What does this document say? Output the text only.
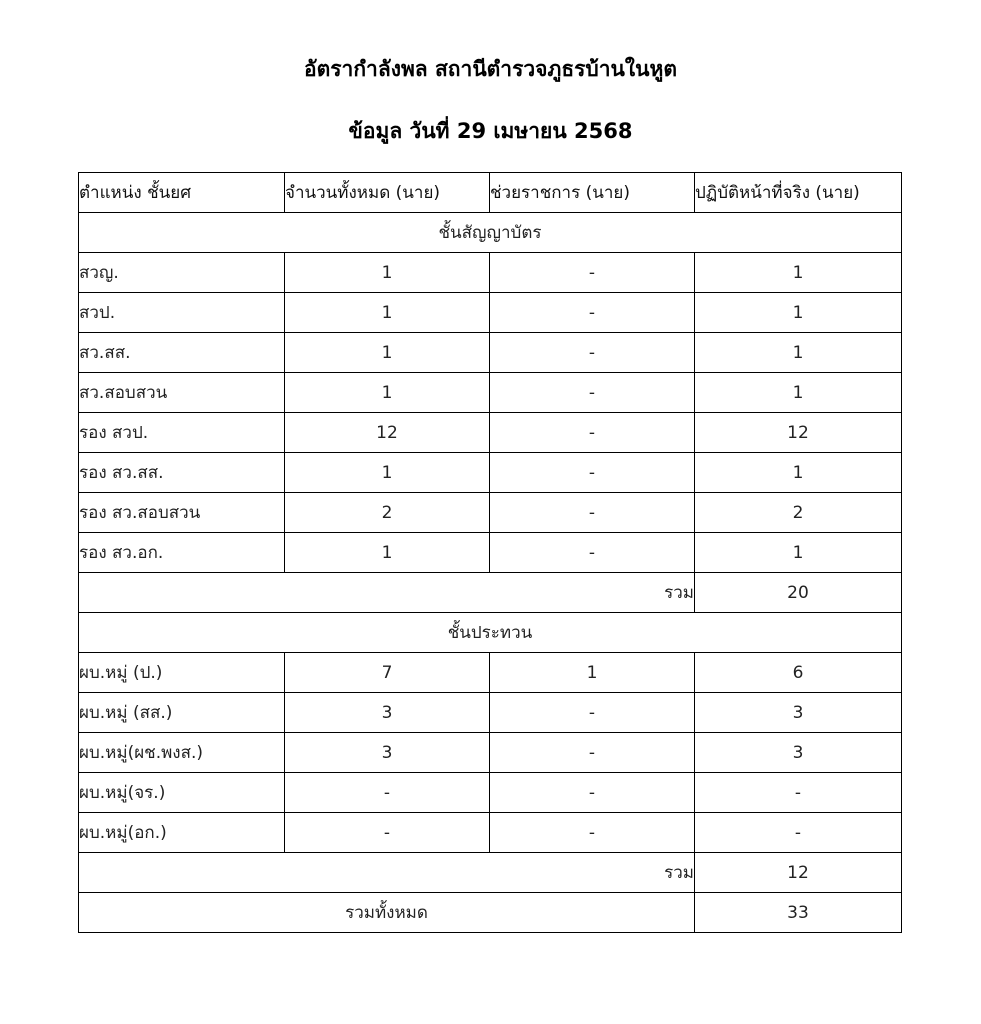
อัตรากำลังพล สถานีตำรวจภูธรบ้านในหูต
ข้อมูล วันที่ 29 เมษายน 2568
ตำแหน่ง ชั้นยศ	จำนวนทั้งหมด (นาย)	ช่วยราชการ (นาย)	ปฏิบัติหน้าที่จริง (นาย)
ชั้นสัญญาบัตร			
สวญ.	1	-	1
สวป.	1	-	1
สว.สส.	1	-	1
สว.สอบสวน	1	-	1
รอง สวป.	12	-	12
รอง สว.สส.	1	-	1
รอง สว.สอบสวน	2	-	2
รอง สว.อก.	1	-	1
รวม			20
ชั้นประทวน			
ผบ.หมู่ (ป.)	7	1	6
ผบ.หมู่ (สส.)	3	-	3
ผบ.หมู่(ผช.พงส.)	3	-	3
ผบ.หมู่(จร.)	-	-	-
ผบ.หมู่(อก.)	-	-	-
รวม			12
รวมทั้งหมด			33
